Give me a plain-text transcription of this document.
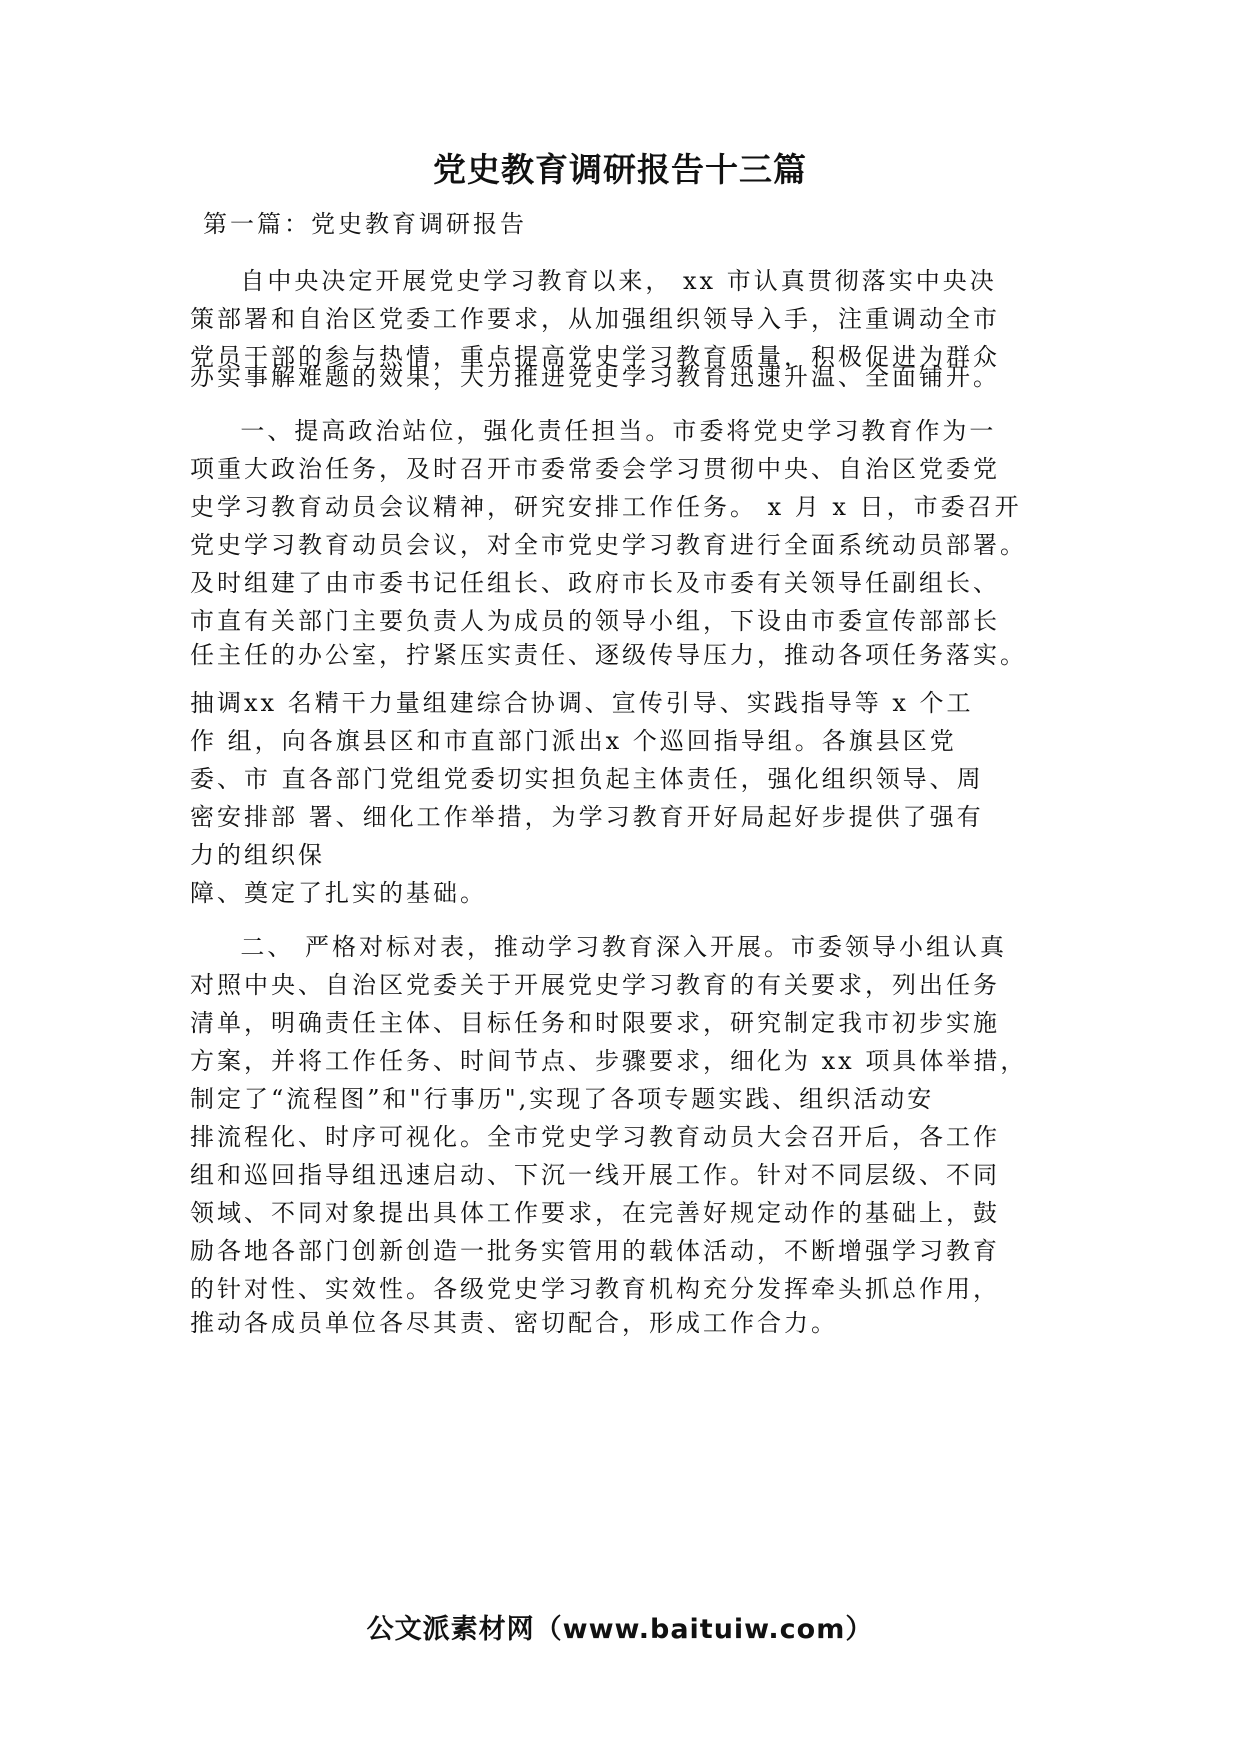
党史教育调研报告十三篇

第一篇：党史教育调研报告

自中央决定开展党史学习教育以来， xx 市认真贯彻落实中央决
策部署和自治区党委工作要求，从加强组织领导入手，注重调动全市
党员干部的参与热情，重点提高党史学习教育质量，积极促进为群众

办实事解难题的效果，大力推进党史学习教育迅速升温、全面铺开。

一、提高政治站位，强化责任担当。市委将党史学习教育作为一
项重大政治任务，及时召开市委常委会学习贯彻中央、自治区党委党
史学习教育动员会议精神，研究安排工作任务。 x 月 x 日，市委召开
党史学习教育动员会议，对全市党史学习教育进行全面系统动员部署。
及时组建了由市委书记任组长、政府市长及市委有关领导任副组长、
市直有关部门主要负责人为成员的领导小组，下设由市委宣传部部长

任主任的办公室，拧紧压实责任、逐级传导压力，推动各项任务落实。

抽调xx 名精干力量组建综合协调、宣传引导、实践指导等 x 个工
作 组，向各旗县区和市直部门派出x 个巡回指导组。各旗县区党
委、市 直各部门党组党委切实担负起主体责任，强化组织领导、周
密安排部 署、细化工作举措，为学习教育开好局起好步提供了强有
力的组织保

障、奠定了扎实的基础。

二、 严格对标对表，推动学习教育深入开展。市委领导小组认真
对照中央、自治区党委关于开展党史学习教育的有关要求，列出任务
清单，明确责任主体、目标任务和时限要求，研究制定我市初步实施
方案，并将工作任务、时间节点、步骤要求，细化为 xx 项具体举措，
制定了“流程图”和"行事历",实现了各项专题实践、组织活动安
排流程化、时序可视化。全市党史学习教育动员大会召开后，各工作
组和巡回指导组迅速启动、下沉一线开展工作。针对不同层级、不同
领域、不同对象提出具体工作要求，在完善好规定动作的基础上，鼓
励各地各部门创新创造一批务实管用的载体活动，不断增强学习教育
的针对性、实效性。各级党史学习教育机构充分发挥牵头抓总作用，

推动各成员单位各尽其责、密切配合，形成工作合力。

公文派素材网（www.baituiw.com）
